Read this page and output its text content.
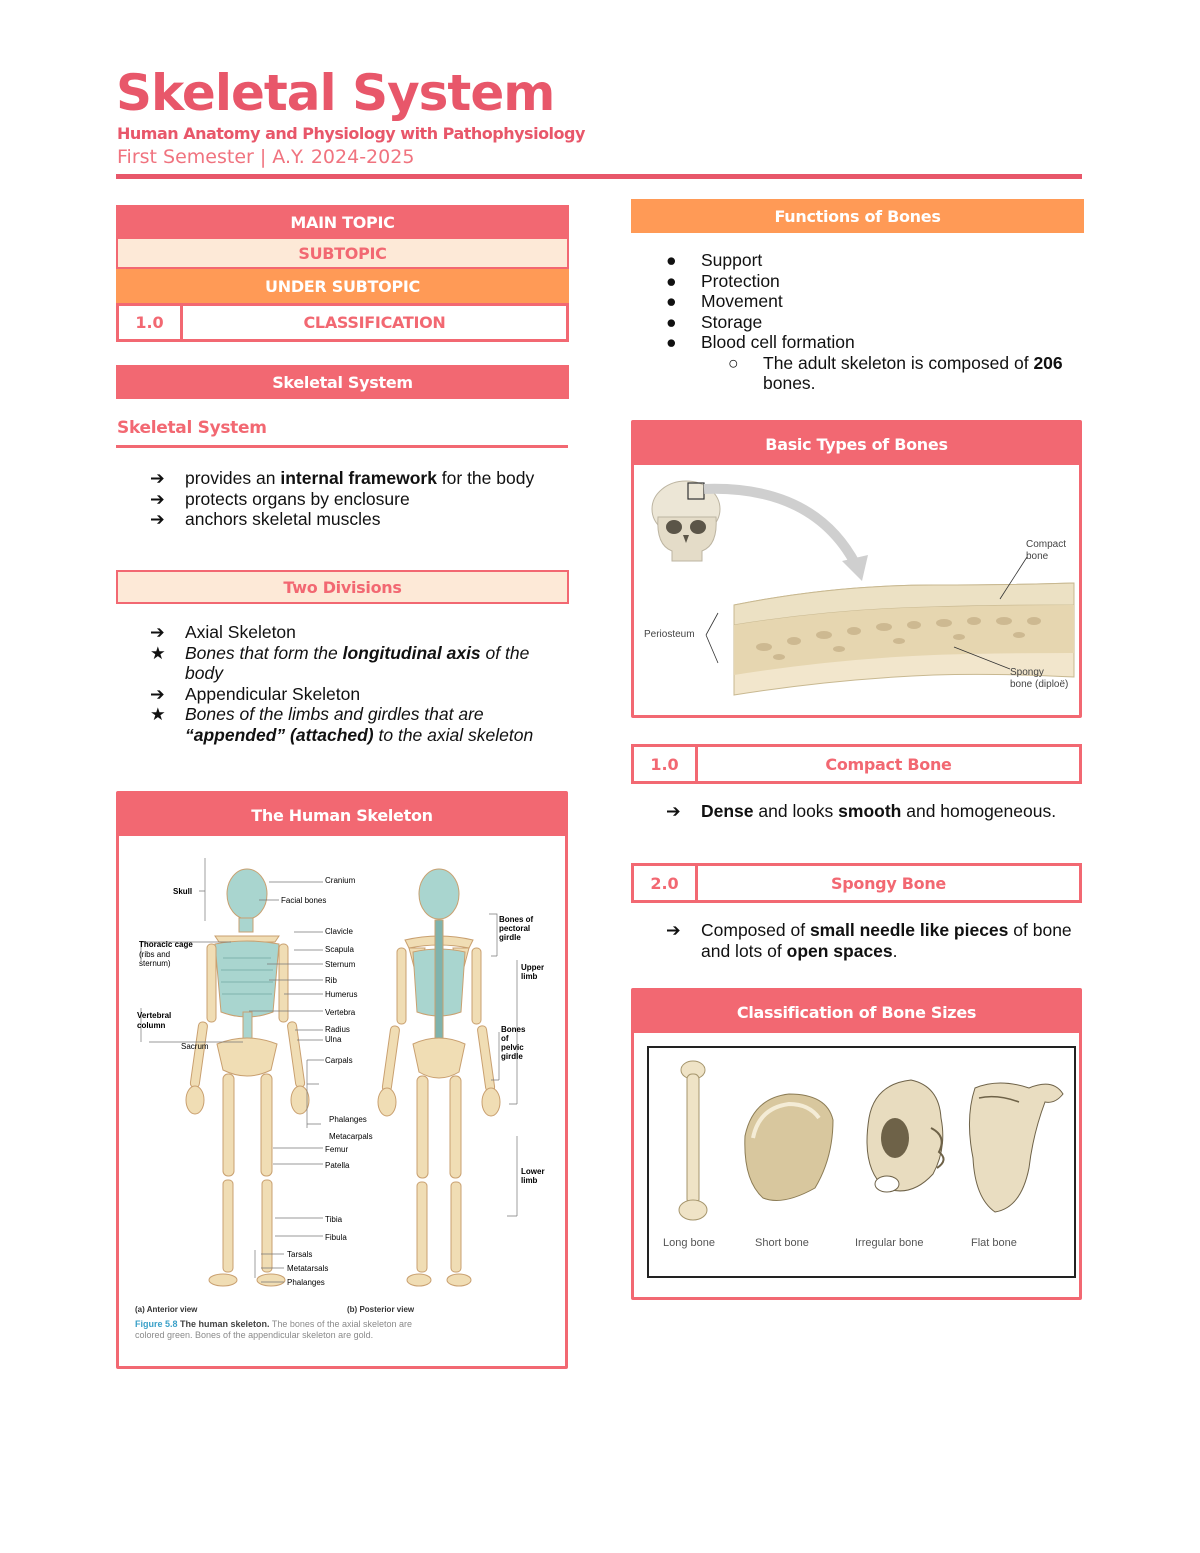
Skeletal System
Human Anatomy and Physiology with Pathophysiology
First Semester | A.Y. 2024-2025
MAIN TOPIC
SUBTOPIC
UNDER SUBTOPIC
1.0	CLASSIFICATION
Skeletal System
Skeletal System
➔	provides an internal framework for the body
➔	protects organs by enclosure
➔	anchors skeletal muscles
Two Divisions
➔	Axial Skeleton
★	Bones that form the longitudinal axis of the body
➔	Appendicular Skeleton
★	Bones of the limbs and girdles that are “appended” (attached) to the axial skeleton
The Human Skeleton
Skull
Thoracic cage
(ribs and
sternum)
Vertebral
column
Sacrum
Cranium
Facial bones
Clavicle
Scapula
Sternum
Rib
Humerus
Vertebra
Radius
Ulna
Carpals
Phalanges
Metacarpals
Femur
Patella
Tibia
Fibula
Tarsals
Metatarsals
Phalanges
Bones of
pectoral
girdle
Upper
limb
Bones
of
pelvic
girdle
Lower
limb
(a) Anterior view	(b) Posterior view
Figure 5.8 The human skeleton. The bones of the axial skeleton are colored green. Bones of the appendicular skeleton are gold.
Functions of Bones
●	Support
●	Protection
●	Movement
●	Storage
●	Blood cell formation
○	The adult skeleton is composed of 206 bones.
Basic Types of Bones
Compact
bone
Periosteum
Spongy
bone (diploë)
1.0	Compact Bone
➔	Dense and looks smooth and homogeneous.
2.0	Spongy Bone
➔	Composed of small needle like pieces of bone and lots of open spaces.
Classification of Bone Sizes
Long bone	Short bone	Irregular bone	Flat bone
